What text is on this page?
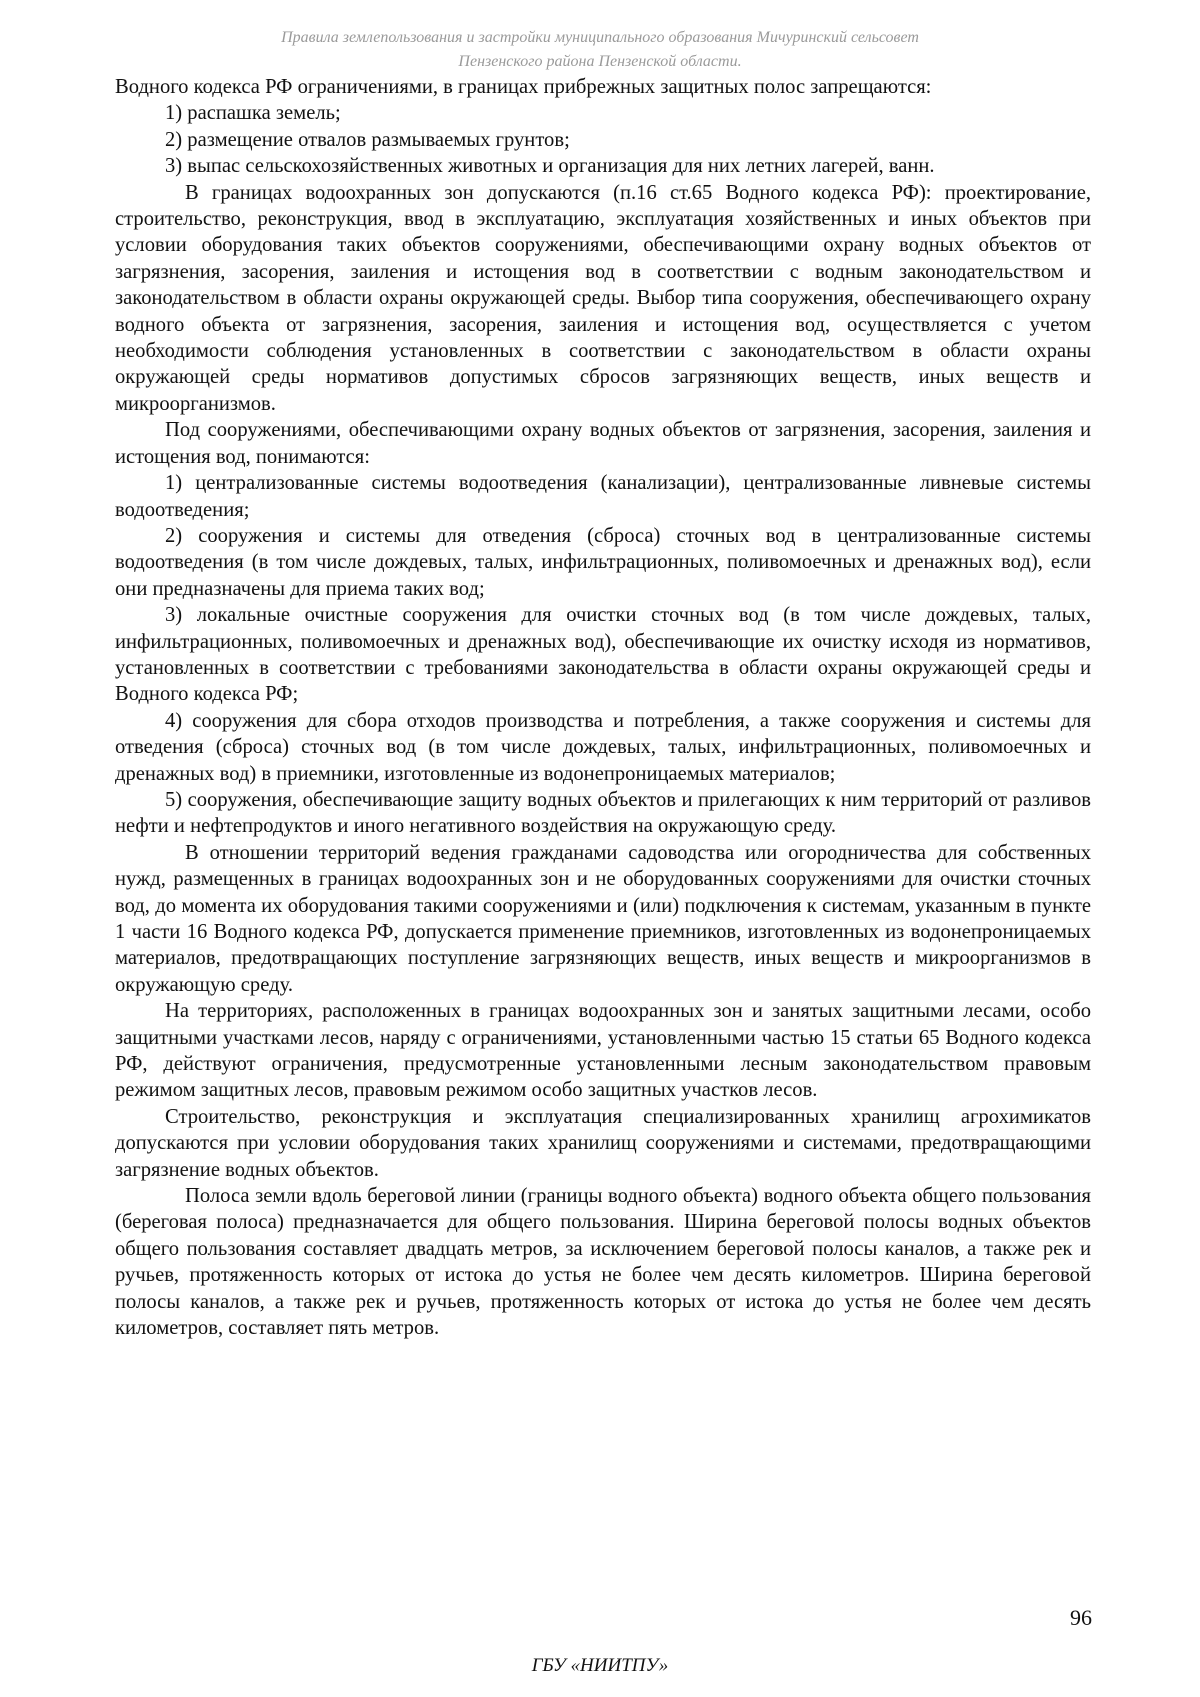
Правила землепользования и застройки муниципального образования Мичуринский сельсовет
Пензенского района Пензенской области.

Водного кодекса РФ ограничениями, в границах прибрежных защитных полос запрещаются:

1) распашка земель;

2) размещение отвалов размываемых грунтов;

3) выпас сельскохозяйственных животных и организация для них летних лагерей, ванн.

В границах водоохранных зон допускаются (п.16 ст.65 Водного кодекса РФ): проектирование, строительство, реконструкция, ввод в эксплуатацию, эксплуатация хозяйственных и иных объектов при условии оборудования таких объектов сооружениями, обеспечивающими охрану водных объектов от загрязнения, засорения, заиления и истощения вод в соответствии с водным законодательством и законодательством в области охраны окружающей среды. Выбор типа сооружения, обеспечивающего охрану водного объекта от загрязнения, засорения, заиления и истощения вод, осуществляется с учетом необходимости соблюдения установленных в соответствии с законодательством в области охраны окружающей среды нормативов допустимых сбросов загрязняющих веществ, иных веществ и микроорганизмов.

Под сооружениями, обеспечивающими охрану водных объектов от загрязнения, засорения, заиления и истощения вод, понимаются:

1) централизованные системы водоотведения (канализации), централизованные ливневые системы водоотведения;

2) сооружения и системы для отведения (сброса) сточных вод в централизованные системы водоотведения (в том числе дождевых, талых, инфильтрационных, поливомоечных и дренажных вод), если они предназначены для приема таких вод;

3) локальные очистные сооружения для очистки сточных вод (в том числе дождевых, талых, инфильтрационных, поливомоечных и дренажных вод), обеспечивающие их очистку исходя из нормативов, установленных в соответствии с требованиями законодательства в области охраны окружающей среды и Водного кодекса РФ;

4) сооружения для сбора отходов производства и потребления, а также сооружения и системы для отведения (сброса) сточных вод (в том числе дождевых, талых, инфильтрационных, поливомоечных и дренажных вод) в приемники, изготовленные из водонепроницаемых материалов;

5) сооружения, обеспечивающие защиту водных объектов и прилегающих к ним территорий от разливов нефти и нефтепродуктов и иного негативного воздействия на окружающую среду.

В отношении территорий ведения гражданами садоводства или огородничества для собственных нужд, размещенных в границах водоохранных зон и не оборудованных сооружениями для очистки сточных вод, до момента их оборудования такими сооружениями и (или) подключения к системам, указанным в пункте 1 части 16 Водного кодекса РФ, допускается применение приемников, изготовленных из водонепроницаемых материалов, предотвращающих поступление загрязняющих веществ, иных веществ и микроорганизмов в окружающую среду.

На территориях, расположенных в границах водоохранных зон и занятых защитными лесами, особо защитными участками лесов, наряду с ограничениями, установленными частью 15 статьи 65 Водного кодекса РФ, действуют ограничения, предусмотренные установленными лесным законодательством правовым режимом защитных лесов, правовым режимом особо защитных участков лесов.

Строительство, реконструкция и эксплуатация специализированных хранилищ агрохимикатов допускаются при условии оборудования таких хранилищ сооружениями и системами, предотвращающими загрязнение водных объектов.

Полоса земли вдоль береговой линии (границы водного объекта) водного объекта общего пользования (береговая полоса) предназначается для общего пользования. Ширина береговой полосы водных объектов общего пользования составляет двадцать метров, за исключением береговой полосы каналов, а также рек и ручьев, протяженность которых от истока до устья не более чем десять километров. Ширина береговой полосы каналов, а также рек и ручьев, протяженность которых от истока до устья не более чем десять километров, составляет пять метров.

96
ГБУ «НИИТПУ»
